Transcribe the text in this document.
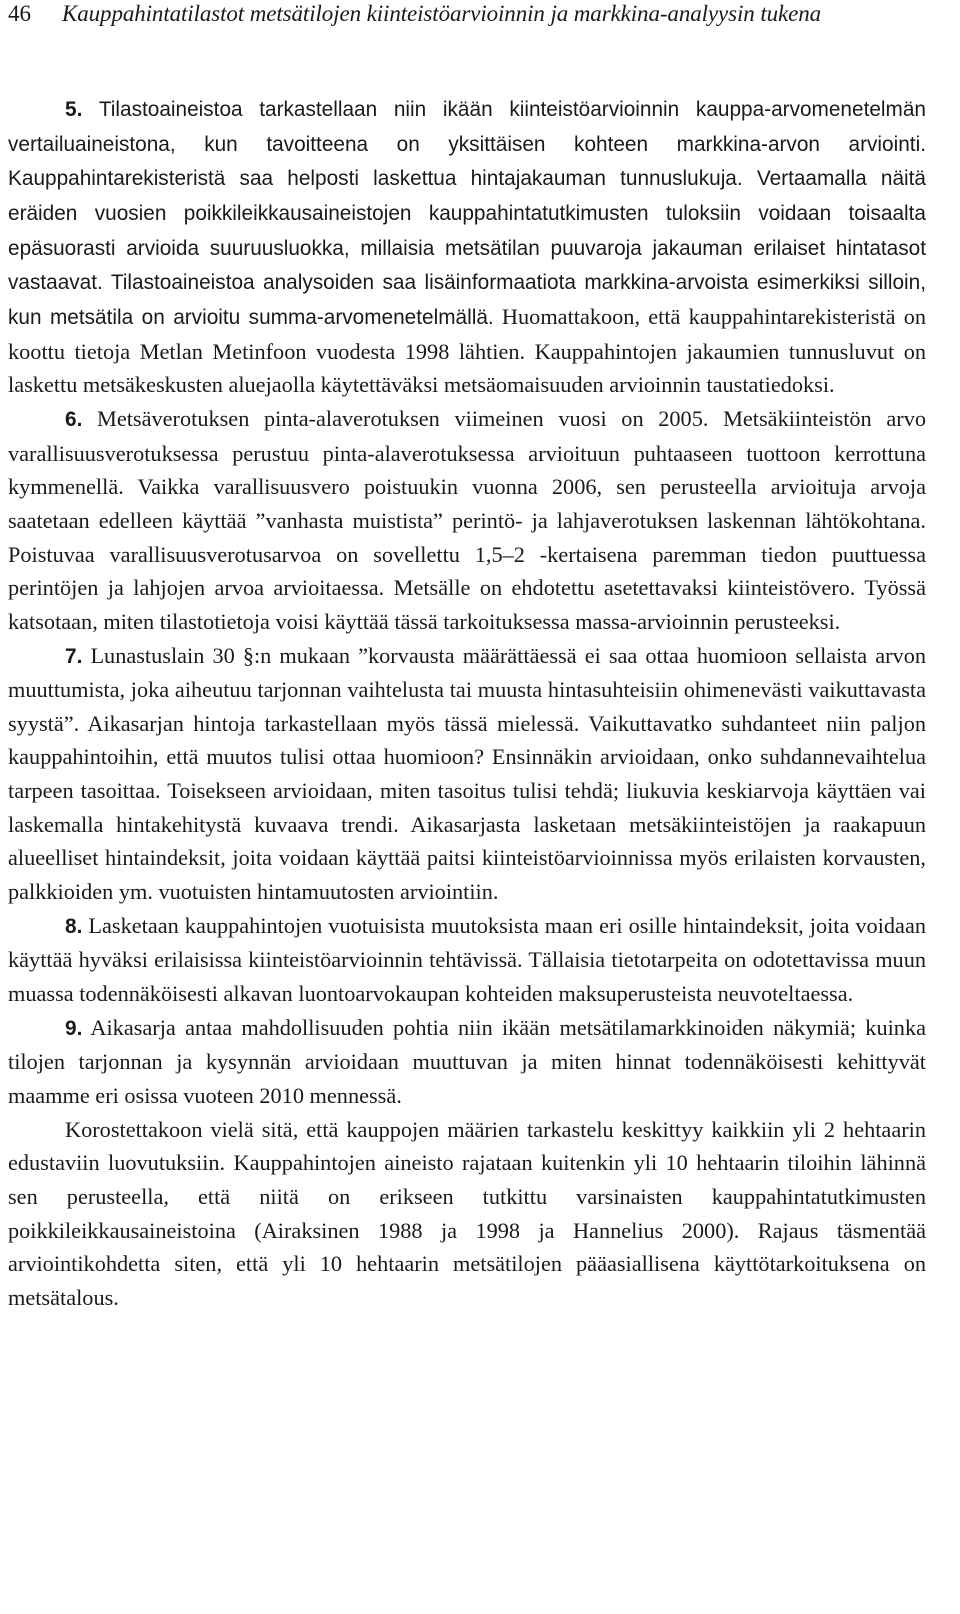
46 Kauppahintatilastot metsätilojen kiinteistöarvioinnin ja markkina-analyysin tukena

5. Tilastoaineistoa tarkastellaan niin ikään kiinteistöarvioinnin kauppa-arvomenetelmän vertailuaineistona, kun tavoitteena on yksittäisen kohteen markkina-arvon arviointi. Kauppahintarekisteristä saa helposti laskettua hintajakauman tunnuslukuja. Vertaamalla näitä eräiden vuosien poikkileikkausaineistojen kauppahintatutkimusten tuloksiin voidaan toisaalta epäsuorasti arvioida suuruusluokka, millaisia metsätilan puuvaroja jakauman erilaiset hintatasot vastaavat. Tilastoaineistoa analysoiden saa lisäinformaatiota markkina-arvoista esimerkiksi silloin, kun metsätila on arvioitu summa-arvomenetelmällä. Huomattakoon, että kauppahintarekisteristä on koottu tietoja Metlan Metinfoon vuodesta 1998 lähtien. Kauppahintojen jakaumien tunnusluvut on laskettu metsäkeskusten aluejaolla käytettäväksi metsäomaisuuden arvioinnin taustatiedoksi.

6. Metsäverotuksen pinta-alaverotuksen viimeinen vuosi on 2005. Metsäkiinteistön arvo varallisuusverotuksessa perustuu pinta-alaverotuksessa arvioituun puhtaaseen tuottoon kerrottuna kymmenellä. Vaikka varallisuusvero poistuukin vuonna 2006, sen perusteella arvioituja arvoja saatetaan edelleen käyttää ”vanhasta muistista” perintö- ja lahjaverotuksen laskennan lähtökohtana. Poistuvaa varallisuusverotusarvoa on sovellettu 1,5–2 -kertaisena paremman tiedon puuttuessa perintöjen ja lahjojen arvoa arvioitaessa. Metsälle on ehdotettu asetettavaksi kiinteistövero. Työssä katsotaan, miten tilastotietoja voisi käyttää tässä tarkoituksessa massa-arvioinnin perusteeksi.

7. Lunastuslain 30 §:n mukaan ”korvausta määrättäessä ei saa ottaa huomioon sellaista arvon muuttumista, joka aiheutuu tarjonnan vaihtelusta tai muusta hintasuhteisiin ohimenevästi vaikuttavasta syystä”. Aikasarjan hintoja tarkastellaan myös tässä mielessä. Vaikuttavatko suhdanteet niin paljon kauppahintoihin, että muutos tulisi ottaa huomioon? Ensinnäkin arvioidaan, onko suhdannevaihtelua tarpeen tasoittaa. Toisekseen arvioidaan, miten tasoitus tulisi tehdä; liukuvia keskiarvoja käyttäen vai laskemalla hintakehitystä kuvaava trendi. Aikasarjasta lasketaan metsäkiinteistöjen ja raakapuun alueelliset hintaindeksit, joita voidaan käyttää paitsi kiinteistöarvioinnissa myös erilaisten korvausten, palkkioiden ym. vuotuisten hintamuutosten arviointiin.

8. Lasketaan kauppahintojen vuotuisista muutoksista maan eri osille hintaindeksit, joita voidaan käyttää hyväksi erilaisissa kiinteistöarvioinnin tehtävissä. Tällaisia tietotarpeita on odotettavissa muun muassa todennäköisesti alkavan luontoarvokaupan kohteiden maksuperusteista neuvoteltaessa.

9. Aikasarja antaa mahdollisuuden pohtia niin ikään metsätilamarkkinoiden näkymiä; kuinka tilojen tarjonnan ja kysynnän arvioidaan muuttuvan ja miten hinnat todennäköisesti kehittyvät maamme eri osissa vuoteen 2010 mennessä.

Korostettakoon vielä sitä, että kauppojen määrien tarkastelu keskittyy kaikkiin yli 2 hehtaarin edustaviin luovutuksiin. Kauppahintojen aineisto rajataan kuitenkin yli 10 hehtaarin tiloihin lähinnä sen perusteella, että niitä on erikseen tutkittu varsinaisten kauppahintatutkimusten poikkileikkausaineistoina (Airaksinen 1988 ja 1998 ja Hannelius 2000). Rajaus täsmentää arviointikohdetta siten, että yli 10 hehtaarin metsätilojen pääasiallisena käyttötarkoituksena on metsätalous.
